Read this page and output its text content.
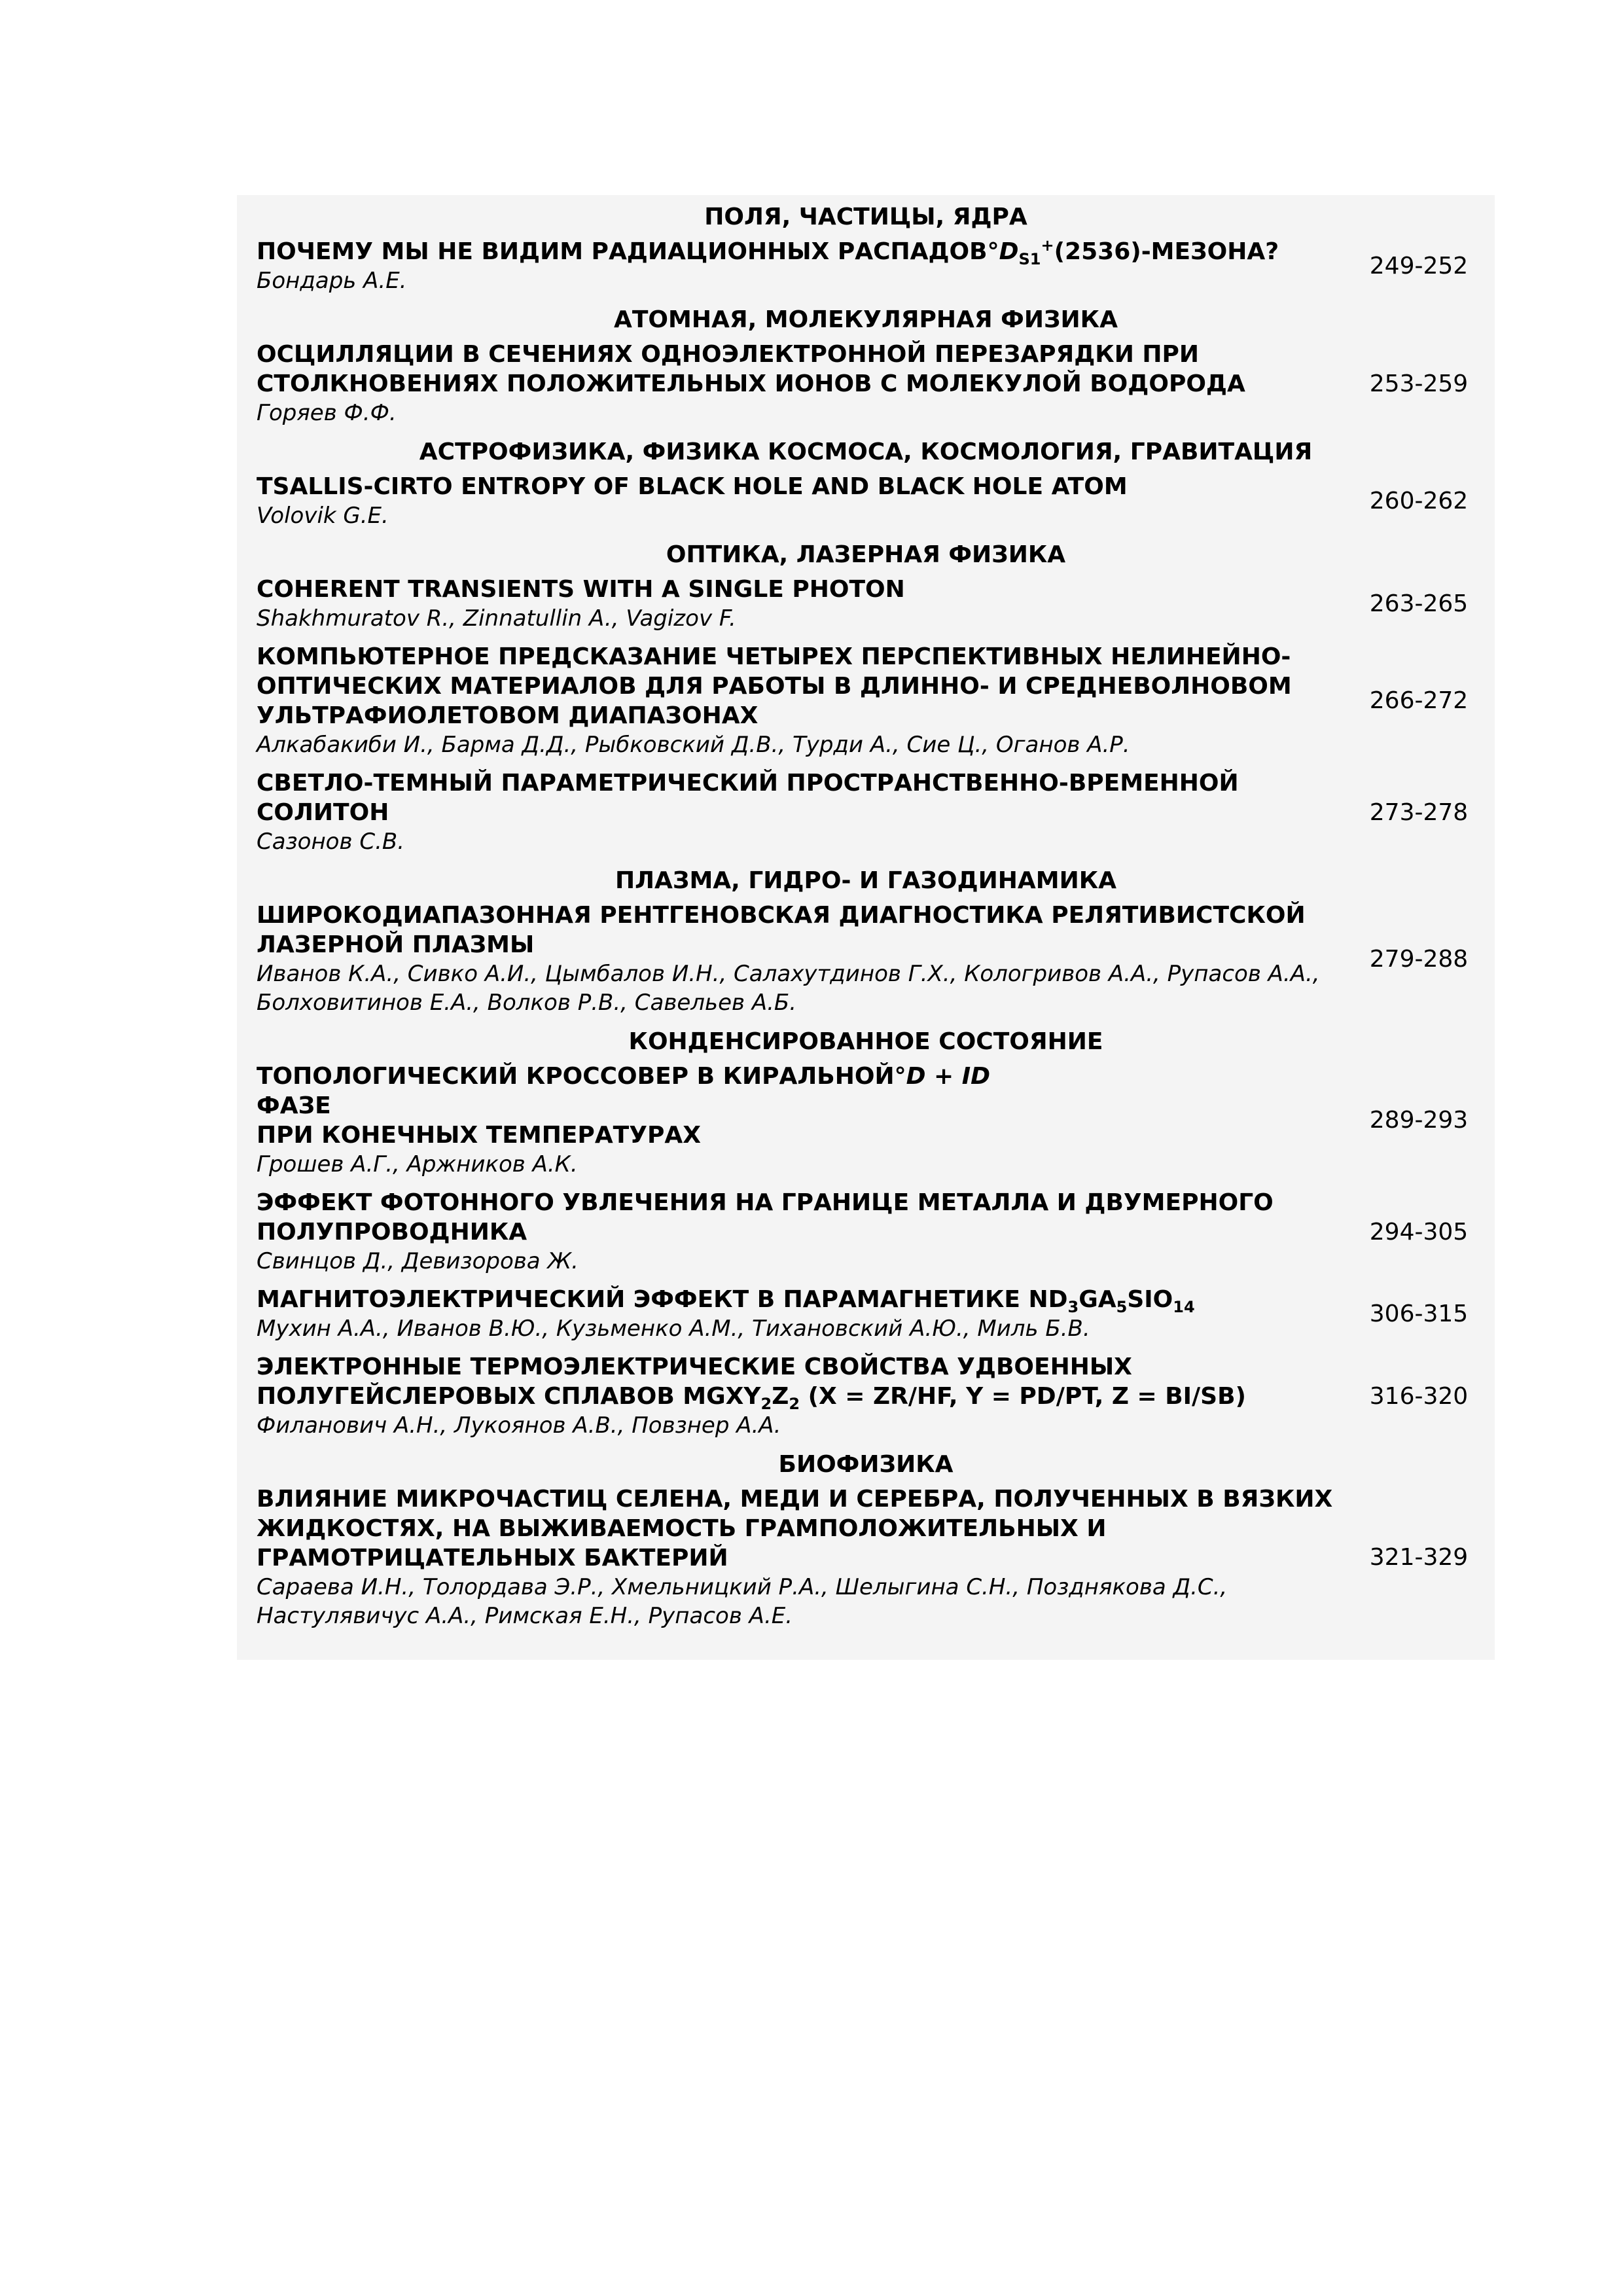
ПОЛЯ, ЧАСТИЦЫ, ЯДРА
ПОЧЕМУ МЫ НЕ ВИДИМ РАДИАЦИОННЫХ $РАСПАДОВ^\circ D_{S1}^+(2536)$-МЕЗОНА?
Бондарь А.Е.
249-252
АТОМНАЯ, МОЛЕКУЛЯРНАЯ ФИЗИКА
ОСЦИЛЛЯЦИИ В СЕЧЕНИЯХ ОДНОЭЛЕКТРОННОЙ ПЕРЕЗАРЯДКИ ПРИ
СТОЛКНОВЕНИЯХ ПОЛОЖИТЕЛЬНЫХ ИОНОВ С МОЛЕКУЛОЙ ВОДОРОДА
Горяев Ф.Ф.
253-259
АСТРОФИЗИКА, ФИЗИКА КОСМОСА, КОСМОЛОГИЯ, ГРАВИТАЦИЯ
TSALLIS-CIRTO ENTROPY OF BLACK HOLE AND BLACK HOLE ATOM
Volovik G.E.
260-262
ОПТИКА, ЛАЗЕРНАЯ ФИЗИКА
COHERENT TRANSIENTS WITH A SINGLE PHOTON
Shakhmuratov R., Zinnatullin A., Vagizov F.
263-265
КОМПЬЮТЕРНОЕ ПРЕДСКАЗАНИЕ ЧЕТЫРЕХ ПЕРСПЕКТИВНЫХ НЕЛИНЕЙНО-
ОПТИЧЕСКИХ МАТЕРИАЛОВ ДЛЯ РАБОТЫ В ДЛИННО- И СРЕДНЕВОЛНОВОМ
УЛЬТРАФИОЛЕТОВОМ ДИАПАЗОНАХ
Алкабакиби И., Барма Д.Д., Рыбковский Д.В., Турди А., Сие Ц., Оганов А.Р.
266-272
СВЕТЛО-ТЕМНЫЙ ПАРАМЕТРИЧЕСКИЙ ПРОСТРАНСТВЕННО-ВРЕМЕННОЙ СОЛИТОН
Сазонов С.В.
273-278
ПЛАЗМА, ГИДРО- И ГАЗОДИНАМИКА
ШИРОКОДИАПАЗОННАЯ РЕНТГЕНОВСКАЯ ДИАГНОСТИКА РЕЛЯТИВИСТСКОЙ
ЛАЗЕРНОЙ ПЛАЗМЫ
Иванов К.А., Сивко А.И., Цымбалов И.Н., Салахутдинов Г.Х., Кологривов А.А., Рупасов А.А.,
Болховитинов Е.А., Волков Р.В., Савельев А.Б.
279-288
КОНДЕНСИРОВАННОЕ СОСТОЯНИЕ
ТОПОЛОГИЧЕСКИЙ КРОССОВЕР В КИРАЛЬНОЙ°D + IDФАЗЕ
ПРИ КОНЕЧНЫХ ТЕМПЕРАТУРАХ
Грошев А.Г., Аржников А.К.
289-293
ЭФФЕКТ ФОТОННОГО УВЛЕЧЕНИЯ НА ГРАНИЦЕ МЕТАЛЛА И ДВУМЕРНОГО
ПОЛУПРОВОДНИКА
Свинцов Д., Девизорова Ж.
294-305
МАГНИТОЭЛЕКТРИЧЕСКИЙ ЭФФЕКТ В ПАРАМАГНЕТИКЕ $ND_3GA_5SIO_{14}$
Мухин А.А., Иванов В.Ю., Кузьменко А.М., Тихановский А.Ю., Миль Б.В.
306-315
ЭЛЕКТРОННЫЕ ТЕРМОЭЛЕКТРИЧЕСКИЕ СВОЙСТВА УДВОЕННЫХ
ПОЛУГЕЙСЛЕРОВЫХ СПЛАВОВ $MGXY_2Z_2$ (X = ZR/HF, Y = PD/PT, Z = BI/SB)
Филанович А.Н., Лукоянов А.В., Повзнер А.А.
316-320
БИОФИЗИКА
ВЛИЯНИЕ МИКРОЧАСТИЦ СЕЛЕНА, МЕДИ И СЕРЕБРА, ПОЛУЧЕННЫХ В ВЯЗКИХ
ЖИДКОСТЯХ, НА ВЫЖИВАЕМОСТЬ ГРАМПОЛОЖИТЕЛЬНЫХ И
ГРАМОТРИЦАТЕЛЬНЫХ БАКТЕРИЙ
Сараева И.Н., Толордава Э.Р., Хмельницкий Р.А., Шелыгина С.Н., Позднякова Д.С.,
Настулявичус А.А., Римская Е.Н., Рупасов А.Е.
321-329
